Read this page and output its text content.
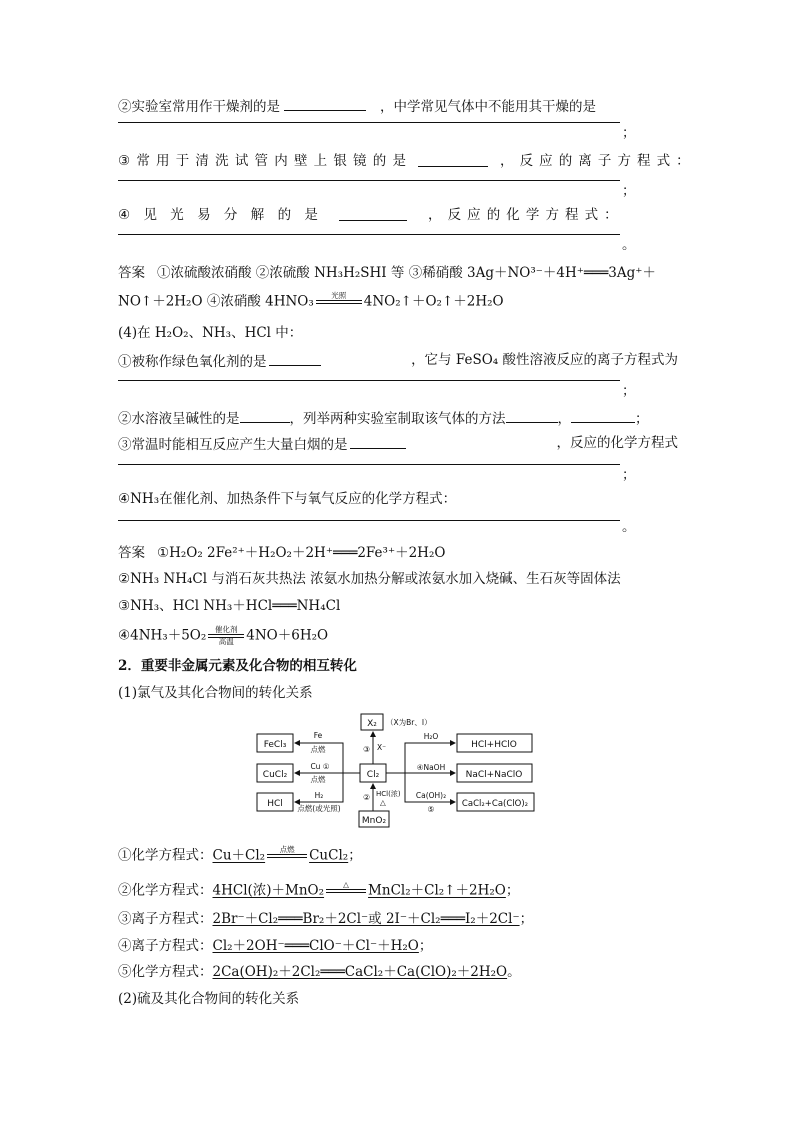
②实验室常用作干燥剂的是	，中学常见气体中不能用其干燥的是
；
③ 常 用 于 清 洗 试 管 内 壁 上 银 镜 的 是	，反应的离子方程式：
；
④ 见 光 易 分 解 的 是	，反应的化学方程式：
。
答案 ①浓硫酸浓硝酸 ②浓硫酸 NH₃H₂SHI 等 ③稀硝酸 3Ag＋NO³⁻＋4H⁺═══3Ag⁺＋
NO↑＋2H₂O ④浓硝酸 4HNO₃	光照
	4NO₂↑＋O₂↑＋2H₂O
(4)在 H₂O₂、NH₃、HCl 中：
①被称作绿色氧化剂的是	，它与 FeSO₄ 酸性溶液反应的离子方程式为
；
②水溶液呈碱性的是	，列举两种实验室制取该气体的方法	，	；
③常温时能相互反应产生大量白烟的是	，反应的化学方程式
；
④NH₃在催化剂、加热条件下与氧气反应的化学方程式：
。
答案 ①H₂O₂ 2Fe²⁺＋H₂O₂＋2H⁺═══2Fe³⁺＋2H₂O
②NH₃ NH₄Cl 与消石灰共热法 浓氨水加热分解或浓氨水加入烧碱、生石灰等固体法
③NH₃、HCl NH₃＋HCl═══NH₄Cl
④4NH₃＋5O₂	催化剂
高温 4NO＋6H₂O
2．重要非金属元素及化合物的相互转化
(1)氯气及其化合物间的转化关系
Cl₂
X₂ （X为Br、I）
X⁻
③
FeCl₃
CuCl₂
HCl
MnO₂
Fe
点燃
Cu ①
点燃
H₂
点燃(或光照)
② HCl(浓)
△
H₂O
HCl+HClO
④NaOH
NaCl+NaClO
Ca(OH)₂
⑤
CaCl₂+Ca(ClO)₂
①化学方程式：Cu＋Cl₂	点燃
	CuCl₂；
②化学方程式：4HCl(浓)＋MnO₂	△
	MnCl₂＋Cl₂↑＋2H₂O；
③离子方程式：2Br⁻＋Cl₂═══Br₂＋2Cl⁻或 2I⁻＋Cl₂═══I₂＋2Cl⁻；
④离子方程式：Cl₂＋2OH⁻═══ClO⁻＋Cl⁻＋H₂O；
⑤化学方程式：2Ca(OH)₂＋2Cl₂═══CaCl₂＋Ca(ClO)₂＋2H₂O。
(2)硫及其化合物间的转化关系
